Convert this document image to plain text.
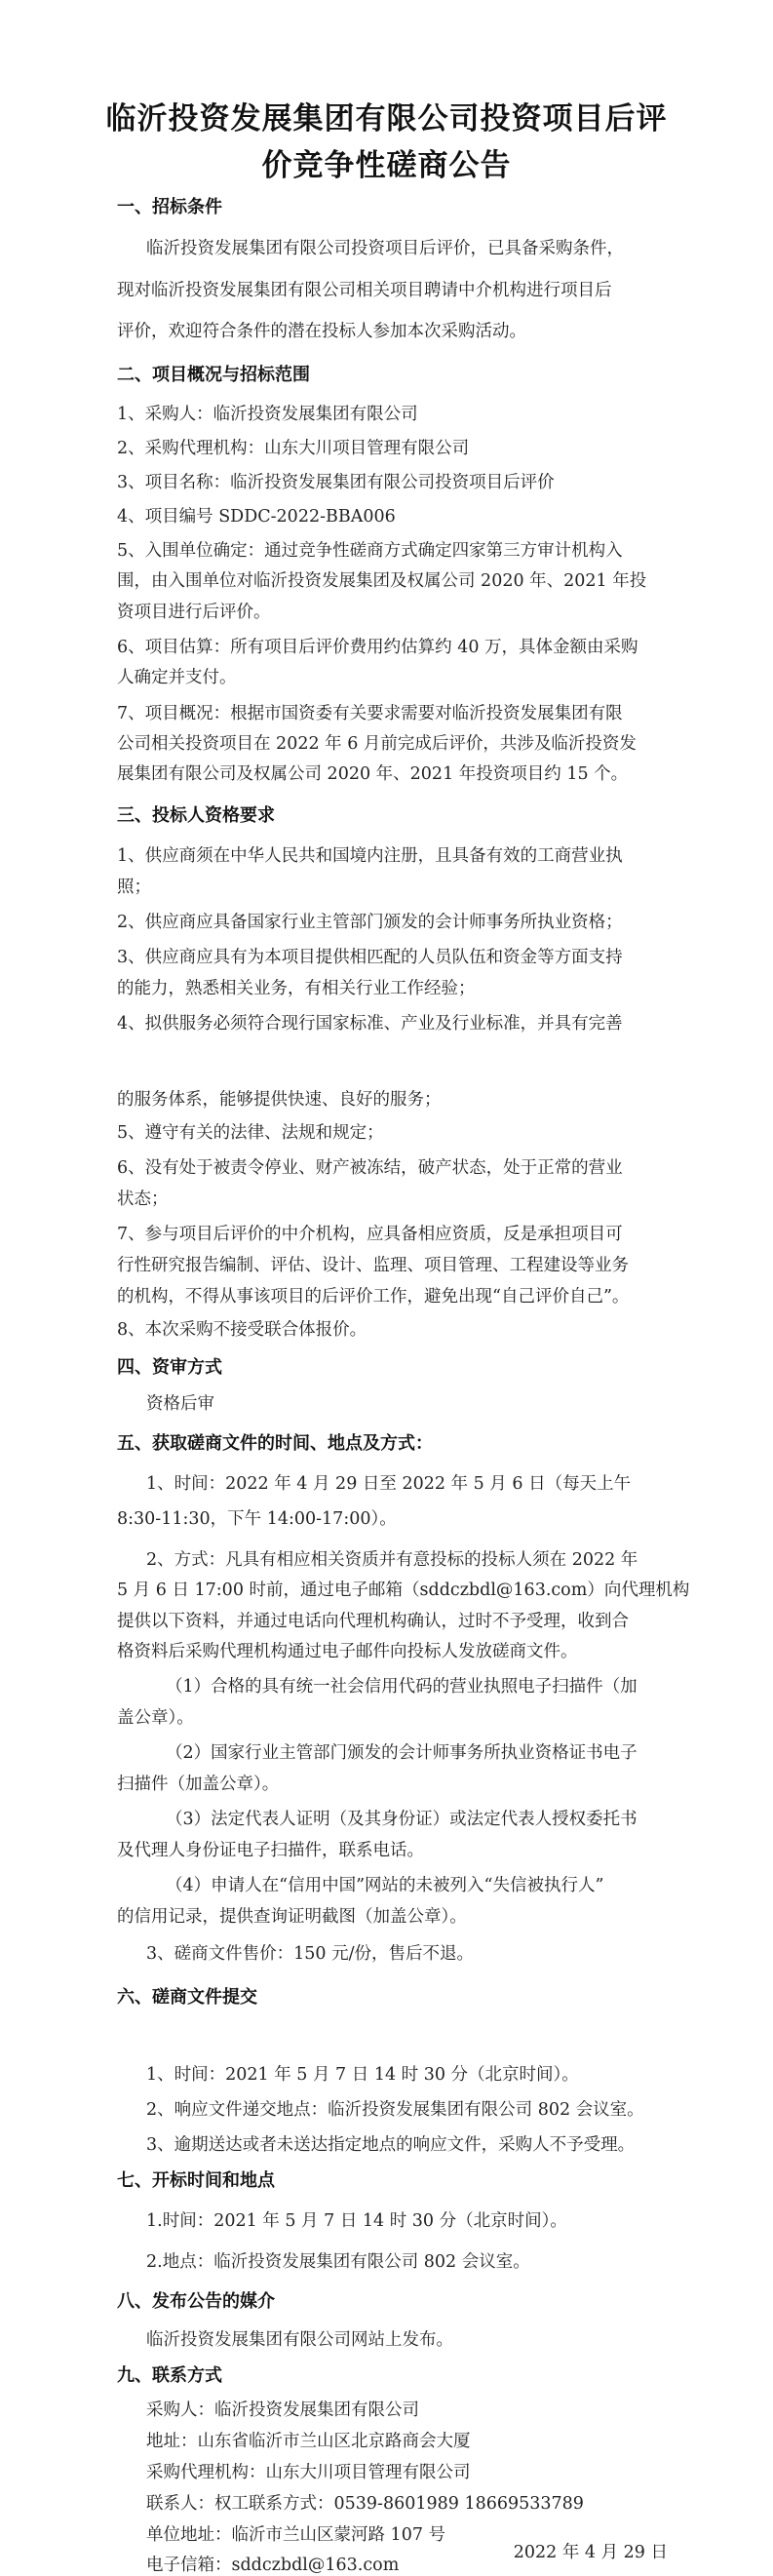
临沂投资发展集团有限公司投资项目后评
价竞争性磋商公告
一、招标条件
临沂投资发展集团有限公司投资项目后评价，已具备采购条件，
现对临沂投资发展集团有限公司相关项目聘请中介机构进行项目后
评价，欢迎符合条件的潜在投标人参加本次采购活动。
二、项目概况与招标范围
1、采购人：临沂投资发展集团有限公司
2、采购代理机构：山东大川项目管理有限公司
3、项目名称：临沂投资发展集团有限公司投资项目后评价
4、项目编号 SDDC-2022-BBA006
5、入围单位确定：通过竞争性磋商方式确定四家第三方审计机构入
围，由入围单位对临沂投资发展集团及权属公司 2020 年、2021 年投
资项目进行后评价。
6、项目估算：所有项目后评价费用约估算约 40 万，具体金额由采购
人确定并支付。
7、项目概况：根据市国资委有关要求需要对临沂投资发展集团有限
公司相关投资项目在 2022 年 6 月前完成后评价，共涉及临沂投资发
展集团有限公司及权属公司 2020 年、2021 年投资项目约 15 个。
三、投标人资格要求
1、供应商须在中华人民共和国境内注册，且具备有效的工商营业执
照；
2、供应商应具备国家行业主管部门颁发的会计师事务所执业资格；
3、供应商应具有为本项目提供相匹配的人员队伍和资金等方面支持
的能力，熟悉相关业务，有相关行业工作经验；
4、拟供服务必须符合现行国家标准、产业及行业标准，并具有完善
的服务体系，能够提供快速、良好的服务；
5、遵守有关的法律、法规和规定；
6、没有处于被责令停业、财产被冻结，破产状态，处于正常的营业
状态；
7、参与项目后评价的中介机构，应具备相应资质，反是承担项目可
行性研究报告编制、评估、设计、监理、项目管理、工程建设等业务
的机构，不得从事该项目的后评价工作，避免出现“自己评价自己”。
8、本次采购不接受联合体报价。
四、资审方式
资格后审
五、获取磋商文件的时间、地点及方式：
1、时间：2022 年 4 月 29 日至 2022 年 5 月 6 日（每天上午
8:30-11:30，下午 14:00-17:00）。
2、方式：凡具有相应相关资质并有意投标的投标人须在 2022 年
5 月 6 日 17:00 时前，通过电子邮箱（sddczbdl@163.com）向代理机构
提供以下资料，并通过电话向代理机构确认，过时不予受理，收到合
格资料后采购代理机构通过电子邮件向投标人发放磋商文件。
（1）合格的具有统一社会信用代码的营业执照电子扫描件（加
盖公章）。
（2）国家行业主管部门颁发的会计师事务所执业资格证书电子
扫描件（加盖公章）。
（3）法定代表人证明（及其身份证）或法定代表人授权委托书
及代理人身份证电子扫描件，联系电话。
（4）申请人在“信用中国”网站的未被列入“失信被执行人”
的信用记录，提供查询证明截图（加盖公章）。
3、磋商文件售价：150 元/份，售后不退。
六、磋商文件提交
1、时间：2021 年 5 月 7 日 14 时 30 分（北京时间）。
2、响应文件递交地点：临沂投资发展集团有限公司 802 会议室。
3、逾期送达或者未送达指定地点的响应文件，采购人不予受理。
七、开标时间和地点
1.时间：2021 年 5 月 7 日 14 时 30 分（北京时间）。
2.地点：临沂投资发展集团有限公司 802 会议室。
八、发布公告的媒介
临沂投资发展集团有限公司网站上发布。
九、联系方式
采购人：临沂投资发展集团有限公司
地址：山东省临沂市兰山区北京路商会大厦
采购代理机构：山东大川项目管理有限公司
联系人：权工联系方式：0539-8601989 18669533789
单位地址：临沂市兰山区蒙河路 107 号
电子信箱：sddczbdl@163.com
2022 年 4 月 29 日
